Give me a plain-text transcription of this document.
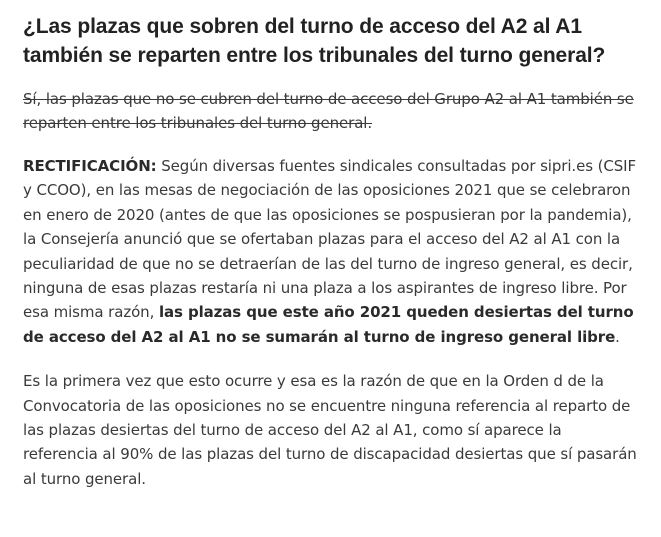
¿Las plazas que sobren del turno de acceso del A2 al A1 también se reparten entre los tribunales del turno general?

Sí, las plazas que no se cubren del turno de acceso del Grupo A2 al A1 también se reparten entre los tribunales del turno general.

RECTIFICACIÓN: Según diversas fuentes sindicales consultadas por sipri.es (CSIF y CCOO), en las mesas de negociación de las oposiciones 2021 que se celebraron en enero de 2020 (antes de que las oposiciones se pospusieran por la pandemia), la Consejería anunció que se ofertaban plazas para el acceso del A2 al A1 con la peculiaridad de que no se detraerían de las del turno de ingreso general, es decir, ninguna de esas plazas restaría ni una plaza a los aspirantes de ingreso libre. Por esa misma razón, las plazas que este año 2021 queden desiertas del turno de acceso del A2 al A1 no se sumarán al turno de ingreso general libre.

Es la primera vez que esto ocurre y esa es la razón de que en la Orden d de la Convocatoria de las oposiciones no se encuentre ninguna referencia al reparto de las plazas desiertas del turno de acceso del A2 al A1, como sí aparece la referencia al 90% de las plazas del turno de discapacidad desiertas que sí pasarán al turno general.
